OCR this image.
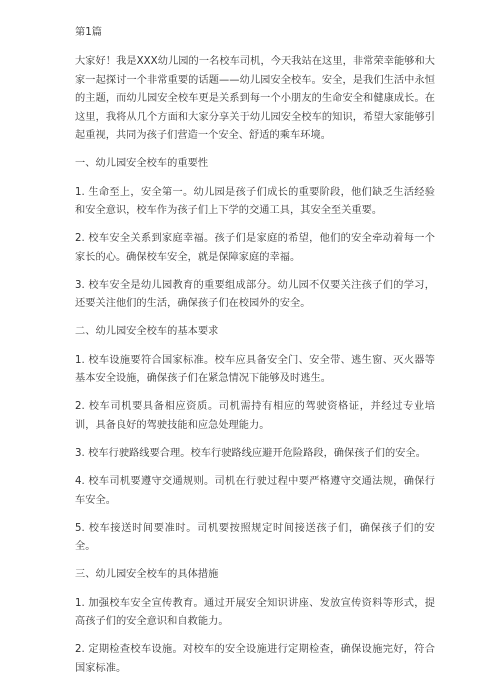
第1篇

大家好！我是XXX幼儿园的一名校车司机，今天我站在这里，非常荣幸能够和大家一起探讨一个非常重要的话题——幼儿园安全校车。安全，是我们生活中永恒的主题，而幼儿园安全校车更是关系到每一个小朋友的生命安全和健康成长。在这里，我将从几个方面和大家分享关于幼儿园安全校车的知识，希望大家能够引起重视，共同为孩子们营造一个安全、舒适的乘车环境。

一、幼儿园安全校车的重要性

1. 生命至上，安全第一。幼儿园是孩子们成长的重要阶段，他们缺乏生活经验和安全意识，校车作为孩子们上下学的交通工具，其安全至关重要。

2. 校车安全关系到家庭幸福。孩子们是家庭的希望，他们的安全牵动着每一个家长的心。确保校车安全，就是保障家庭的幸福。

3. 校车安全是幼儿园教育的重要组成部分。幼儿园不仅要关注孩子们的学习，还要关注他们的生活，确保孩子们在校园外的安全。

二、幼儿园安全校车的基本要求

1. 校车设施要符合国家标准。校车应具备安全门、安全带、逃生窗、灭火器等基本安全设施，确保孩子们在紧急情况下能够及时逃生。

2. 校车司机要具备相应资质。司机需持有相应的驾驶资格证，并经过专业培训，具备良好的驾驶技能和应急处理能力。

3. 校车行驶路线要合理。校车行驶路线应避开危险路段，确保孩子们的安全。

4. 校车司机要遵守交通规则。司机在行驶过程中要严格遵守交通法规，确保行车安全。

5. 校车接送时间要准时。司机要按照规定时间接送孩子们，确保孩子们的安全。

三、幼儿园安全校车的具体措施

1. 加强校车安全宣传教育。通过开展安全知识讲座、发放宣传资料等形式，提高孩子们的安全意识和自救能力。

2. 定期检查校车设施。对校车的安全设施进行定期检查，确保设施完好，符合国家标准。
